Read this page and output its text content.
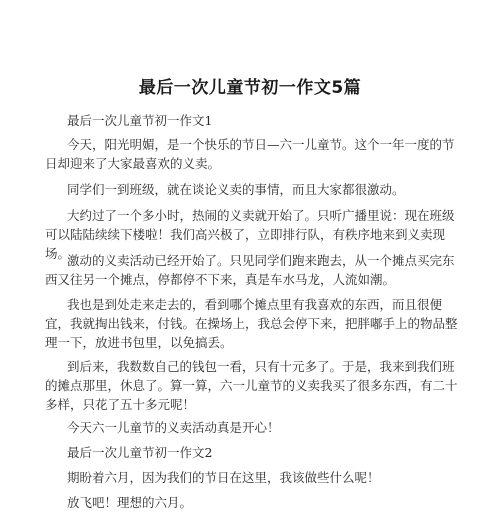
最后一次儿童节初一作文5篇

最后一次儿童节初一作文1

今天，阳光明媚，是一个快乐的节日—六一儿童节。这个一年一度的节日却迎来了大家最喜欢的义卖。

同学们一到班级，就在谈论义卖的事情，而且大家都很激动。

大约过了一个多小时，热闹的义卖就开始了。只听广播里说：现在班级可以陆陆续续下楼啦！我们高兴极了，立即排行队，有秩序地来到义卖现场。

激动的义卖活动已经开始了。只见同学们跑来跑去，从一个摊点买完东西又往另一个摊点，停都停不下来，真是车水马龙，人流如潮。

我也是到处走来走去的，看到哪个摊点里有我喜欢的东西，而且很便宜，我就掏出钱来，付钱。在操场上，我总会停下来，把胖嘟手上的物品整理一下，放进书包里，以免搞丢。

到后来，我数数自己的钱包一看，只有十元多了。于是，我来到我们班的摊点那里，休息了。算一算，六一儿童节的义卖我买了很多东西，有二十多样，只花了五十多元呢！

今天六一儿童节的义卖活动真是开心！

最后一次儿童节初一作文2

期盼着六月，因为我们的节日在这里，我该做些什么呢！

放飞吧！理想的六月。
